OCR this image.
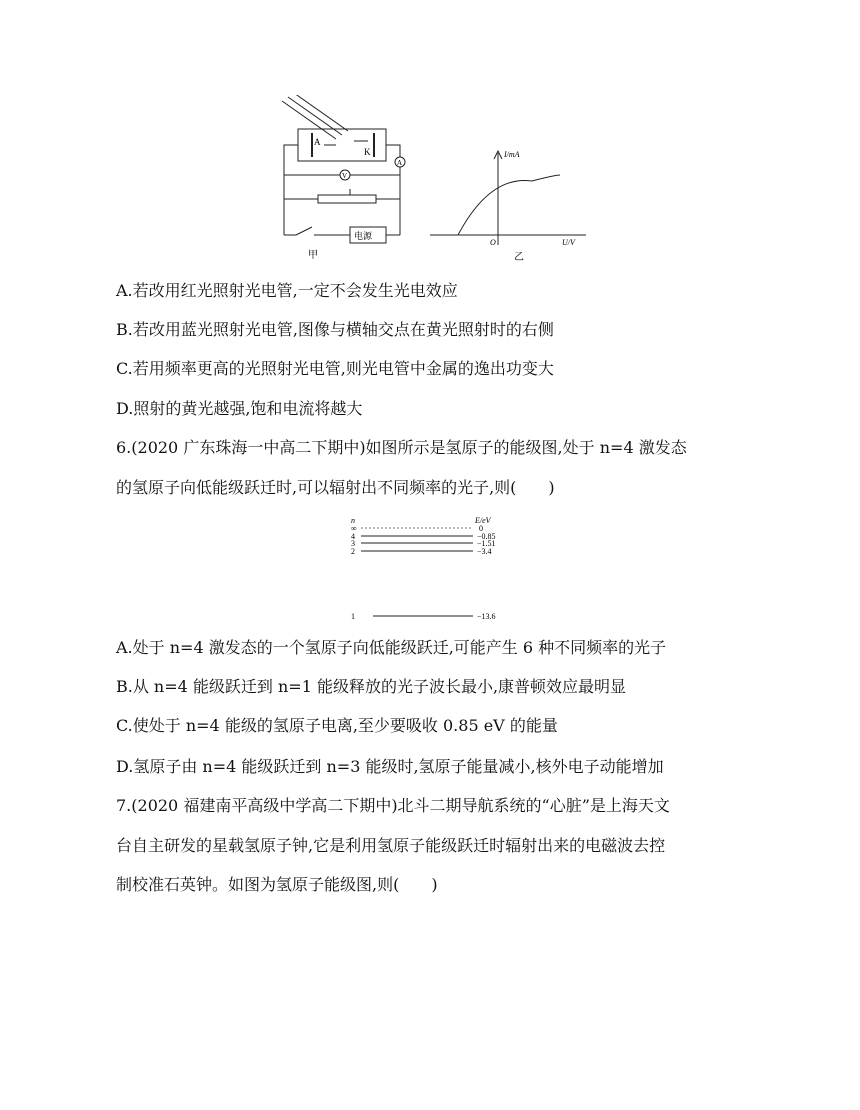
A
K
A
V
电源
甲
I/mA
U/V
O
乙
A.若改用红光照射光电管,一定不会发生光电效应
B.若改用蓝光照射光电管,图像与横轴交点在黄光照射时的右侧
C.若用频率更高的光照射光电管,则光电管中金属的逸出功变大
D.照射的黄光越强,饱和电流将越大
6.(2020 广东珠海一中高二下期中)如图所示是氢原子的能级图,处于 n=4 激发态
的氢原子向低能级跃迁时,可以辐射出不同频率的光子,则(　　)
n	E/eV
∞
4
3
2
1
0
−0.85
−1.51
−3.4
−13.6
A.处于 n=4 激发态的一个氢原子向低能级跃迁,可能产生 6 种不同频率的光子
B.从 n=4 能级跃迁到 n=1 能级释放的光子波长最小,康普顿效应最明显
C.使处于 n=4 能级的氢原子电离,至少要吸收 0.85 eV 的能量
D.氢原子由 n=4 能级跃迁到 n=3 能级时,氢原子能量减小,核外电子动能增加
7.(2020 福建南平高级中学高二下期中)北斗二期导航系统的“心脏”是上海天文
台自主研发的星载氢原子钟,它是利用氢原子能级跃迁时辐射出来的电磁波去控
制校准石英钟。如图为氢原子能级图,则(　　)
